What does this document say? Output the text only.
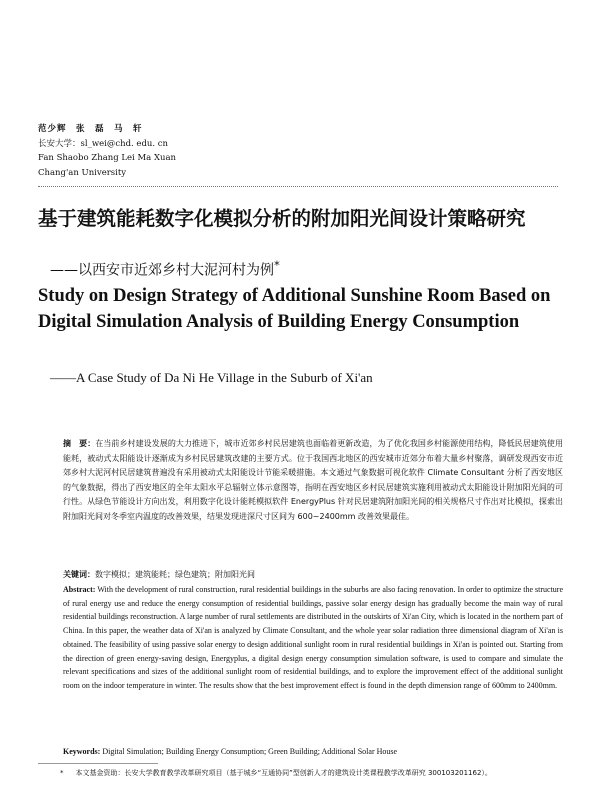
范少辉　张　磊　马　轩
长安大学：sl_wei@chd. edu. cn
Fan Shaobo Zhang Lei Ma Xuan
Chang'an University
基于建筑能耗数字化模拟分析的附加阳光间设计策略研究
——以西安市近郊乡村大泥河村为例*
Study on Design Strategy of Additional Sunshine Room Based on Digital Simulation Analysis of Building Energy Consumption
——A Case Study of Da Ni He Village in the Suburb of Xi'an
摘　要：在当前乡村建设发展的大力推进下，城市近郊乡村民居建筑也面临着更新改造，为了优化我国乡村能源使用结构，降低民居建筑使用能耗，被动式太阳能设计逐渐成为乡村民居建筑改建的主要方式。位于我国西北地区的西安城市近郊分布着大量乡村聚落，调研发现西安市近郊乡村大泥河村民居建筑普遍没有采用被动式太阳能设计节能采暖措施。本文通过气象数据可视化软件 Climate Consultant 分析了西安地区的气象数据，得出了西安地区的全年太阳水平总辐射立体示意图等，指明在西安地区乡村民居建筑实施利用被动式太阳能设计附加阳光间的可行性。从绿色节能设计方向出发，利用数字化设计能耗模拟软件 EnergyPlus 针对民居建筑附加阳光间的相关规格尺寸作出对比模拟，探索出附加阳光间对冬季室内温度的改善效果，结果发现进深尺寸区间为 600~2400mm 改善效果最佳。
关键词：数字模拟；建筑能耗；绿色建筑；附加阳光间
Abstract: With the development of rural construction, rural residential buildings in the suburbs are also facing renovation. In order to optimize the structure of rural energy use and reduce the energy consumption of residential buildings, passive solar energy design has gradually become the main way of rural residential buildings reconstruction. A large number of rural settlements are distributed in the outskirts of Xi'an City, which is located in the northern part of China. In this paper, the weather data of Xi'an is analyzed by Climate Consultant, and the whole year solar radiation three dimensional diagram of Xi'an is obtained. The feasibility of using passive solar energy to design additional sunlight room in rural residential buildings in Xi'an is pointed out. Starting from the direction of green energy-saving design, Energyplus, a digital design energy consumption simulation software, is used to compare and simulate the relevant specifications and sizes of the additional sunlight room of residential buildings, and to explore the improvement effect of the additional sunlight room on the indoor temperature in winter. The results show that the best improvement effect is found in the depth dimension range of 600mm to 2400mm.
Keywords: Digital Simulation; Building Energy Consumption; Green Building; Additional Solar House
* 本文基金资助：长安大学教育教学改革研究项目（基于城乡“互通协同”型创新人才的建筑设计类课程教学改革研究 300103201162）。
